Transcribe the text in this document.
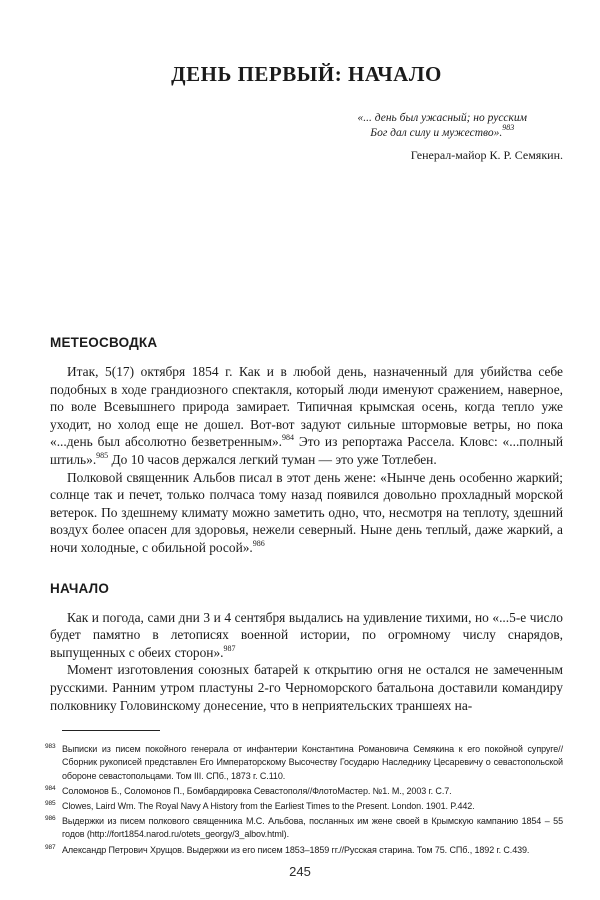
ДЕНЬ ПЕРВЫЙ: НАЧАЛО
«... день был ужасный; но русским
Бог дал силу и мужество».$^{983}$
Генерал-майор К. Р. Семякин.
МЕТЕОСВОДКА

Итак, 5(17) октября 1854 г. Как и в любой день, назначенный для убийства себе подобных в ходе грандиозного спектакля, который люди именуют сражением, наверное, по воле Всевышнего природа замирает. Типичная крымская осень, когда тепло уже уходит, но холод еще не дошел. Вот-вот задуют сильные штормовые ветры, но пока «...день был абсолютно безветренным».$^{984}$ Это из репортажа Рассела. Кловс: «...полный штиль».$^{985}$ До 10 часов держался легкий туман — это уже Тотлебен.

Полковой священник Альбов писал в этот день жене: «Нынче день особенно жаркий; солнце так и печет, только полчаса тому назад появился довольно прохладный морской ветерок. По здешнему климату можно заметить одно, что, несмотря на теплоту, здешний воздух более опасен для здоровья, нежели северный. Ныне день теплый, даже жаркий, а ночи холодные, с обильной росой».$^{986}$

НАЧАЛО

Как и погода, сами дни 3 и 4 сентября выдались на удивление тихими, но «...5-е число будет памятно в летописях военной истории, по огромному числу снарядов, выпущенных с обеих сторон».$^{987}$

Момент изготовления союзных батарей к открытию огня не остался не замеченным русскими. Ранним утром пластуны 2-го Черноморского батальона доставили командиру полковнику Головинскому донесение, что в неприятельских траншеях на-

983 Выписки из писем покойного генерала от инфантерии Константина Романовича Семякина к его покойной супруге//Сборник рукописей представлен Его Императорскому Высочеству Государю Наследнику Цесаревичу о севастопольской обороне севастопольцами. Том III. СПб., 1873 г. С.110.
984 Соломонов Б., Соломонов П., Бомбардировка Севастополя//ФлотоМастер. №1. М., 2003 г. С.7.
985 Clowes, Laird Wm. The Royal Navy A History from the Earliest Times to the Present. London. 1901. P.442.
986 Выдержки из писем полкового священника М.С. Альбова, посланных им жене своей в Крымскую кампанию 1854 – 55 годов (http://fort1854.narod.ru/otets_georgy/3_albov.html).
987 Александр Петрович Хрущов. Выдержки из его писем 1853–1859 гг.//Русская старина. Том 75. СПб., 1892 г. С.439.
245
